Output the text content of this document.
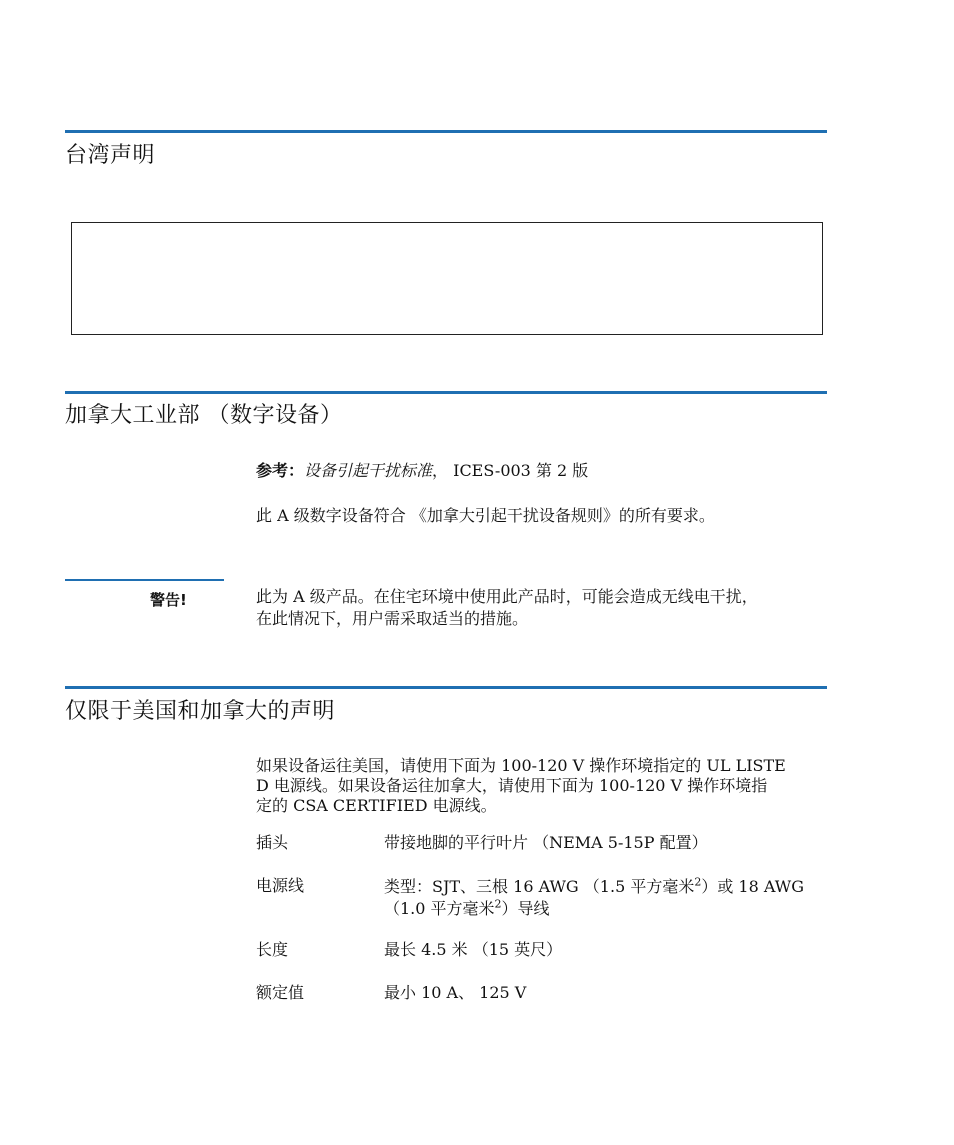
台湾声明
加拿大工业部 （数字设备）
参考：设备引起干扰标准， ICES-003 第 2 版
此 A 级数字设备符合 《加拿大引起干扰设备规则》的所有要求。
警告!	此为 A 级产品。在住宅环境中使用此产品时，可能会造成无线电干扰，
在此情况下，用户需采取适当的措施。
仅限于美国和加拿大的声明
如果设备运往美国，请使用下面为 100-120 V 操作环境指定的 UL LISTE
D 电源线。如果设备运往加拿大，请使用下面为 100-120 V 操作环境指
定的 CSA CERTIFIED 电源线。
插头	带接地脚的平行叶片 （NEMA 5-15P 配置）
电源线	类型：SJT、三根 16 AWG （1.5 平方毫米$^2$）或 18 AWG
（1.0 平方毫米$^2$）导线
长度	最长 4.5 米 （15 英尺）
额定值	最小 10 A、 125 V
